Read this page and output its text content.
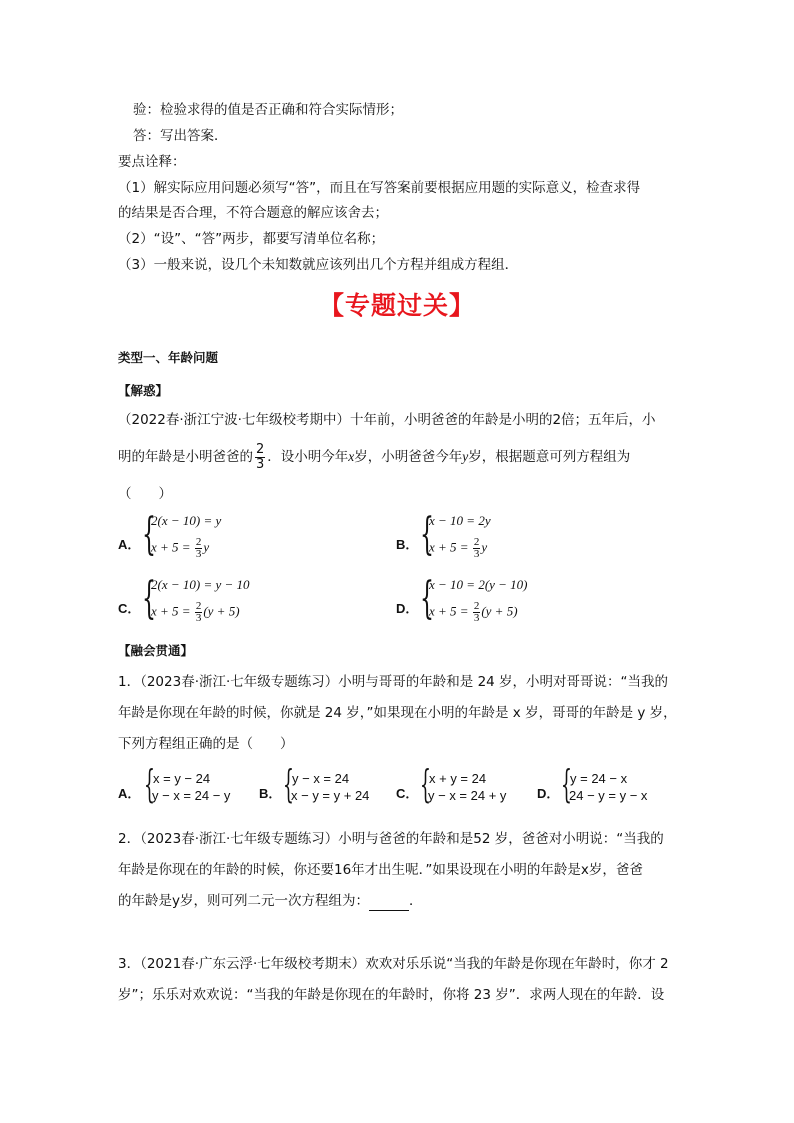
验：检验求得的值是否正确和符合实际情形；
答：写出答案．
要点诠释：
（1）解实际应用问题必须写“答”，而且在写答案前要根据应用题的实际意义，检查求得
的结果是否合理，不符合题意的解应该舍去；
（2）“设”、“答”两步，都要写清单位名称；
（3）一般来说，设几个未知数就应该列出几个方程并组成方程组．
【专题过关】
类型一、年龄问题
【解惑】
（2022春·浙江宁波·七年级校考期中）十年前，小明爸爸的年龄是小明的2倍；五年后，小
明的年龄是小明爸爸的 $\frac{2}{3}$ ．设小明今年x岁，小明爸爸今年y岁，根据题意可列方程组为
（　　）
A． {
2(x − 10) = y
$x + 5 = \frac{2}{3}$ y	B． {
x − 10 = 2y
$x + 5 = \frac{2}{3}$ y
C． {
2(x − 10) = y − 10
$x + 5 = \frac{2}{3} (y + 5)$	D． {
x − 10 = 2(y − 10)
$x + 5 = \frac{2}{3} (y + 5)$
【融会贯通】
1．（2023春·浙江·七年级专题练习）小明与哥哥的年龄和是 24 岁，小明对哥哥说：“当我的
年龄是你现在年龄的时候，你就是 24 岁，”如果现在小明的年龄是 x 岁，哥哥的年龄是 y 岁，
下列方程组正确的是（　　）
A． {
x = y − 24
y − x = 24 − y B． {
y − x = 24
x − y = y + 24 C． {
x + y = 24
y − x = 24 + y D． {
y = 24 − x
24 − y = y − x
2．（2023春·浙江·七年级专题练习）小明与爸爸的年龄和是52 岁，爸爸对小明说：“当我的
年龄是你现在的年龄的时候，你还要16年才出生呢．”如果设现在小明的年龄是x岁，爸爸
的年龄是y岁，则可列二元一次方程组为：	．
3．（2021春·广东云浮·七年级校考期末）欢欢对乐乐说“当我的年龄是你现在年龄时，你才 2
岁”；乐乐对欢欢说：“当我的年龄是你现在的年龄时，你将 23 岁”．求两人现在的年龄．设
